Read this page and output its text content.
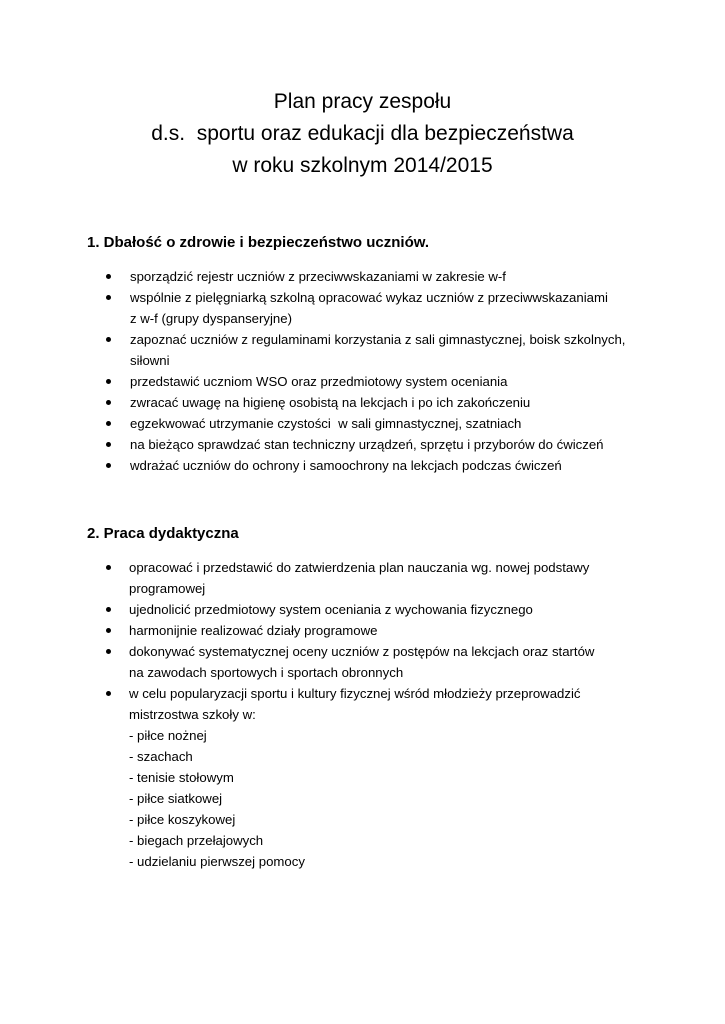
Plan pracy zespołu
d.s.  sportu oraz edukacji dla bezpieczeństwa
w roku szkolnym 2014/2015
1. Dbałość o zdrowie i bezpieczeństwo uczniów.
sporządzić rejestr uczniów z przeciwwskazaniami w zakresie w-f
wspólnie z pielęgniarką szkolną opracować wykaz uczniów z przeciwwskazaniami
z w-f (grupy dyspanseryjne)
zapoznać uczniów z regulaminami korzystania z sali gimnastycznej, boisk szkolnych,
siłowni
przedstawić uczniom WSO oraz przedmiotowy system oceniania
zwracać uwagę na higienę osobistą na lekcjach i po ich zakończeniu
egzekwować utrzymanie czystości  w sali gimnastycznej, szatniach
na bieżąco sprawdzać stan techniczny urządzeń, sprzętu i przyborów do ćwiczeń
wdrażać uczniów do ochrony i samoochrony na lekcjach podczas ćwiczeń
2. Praca dydaktyczna
opracować i przedstawić do zatwierdzenia plan nauczania wg. nowej podstawy
programowej
ujednolicić przedmiotowy system oceniania z wychowania fizycznego
harmonijnie realizować działy programowe
dokonywać systematycznej oceny uczniów z postępów na lekcjach oraz startów
na zawodach sportowych i sportach obronnych
w celu popularyzacji sportu i kultury fizycznej wśród młodzieży przeprowadzić
mistrzostwa szkoły w:
- piłce nożnej
- szachach
- tenisie stołowym
- piłce siatkowej
- piłce koszykowej
- biegach przełajowych
- udzielaniu pierwszej pomocy
